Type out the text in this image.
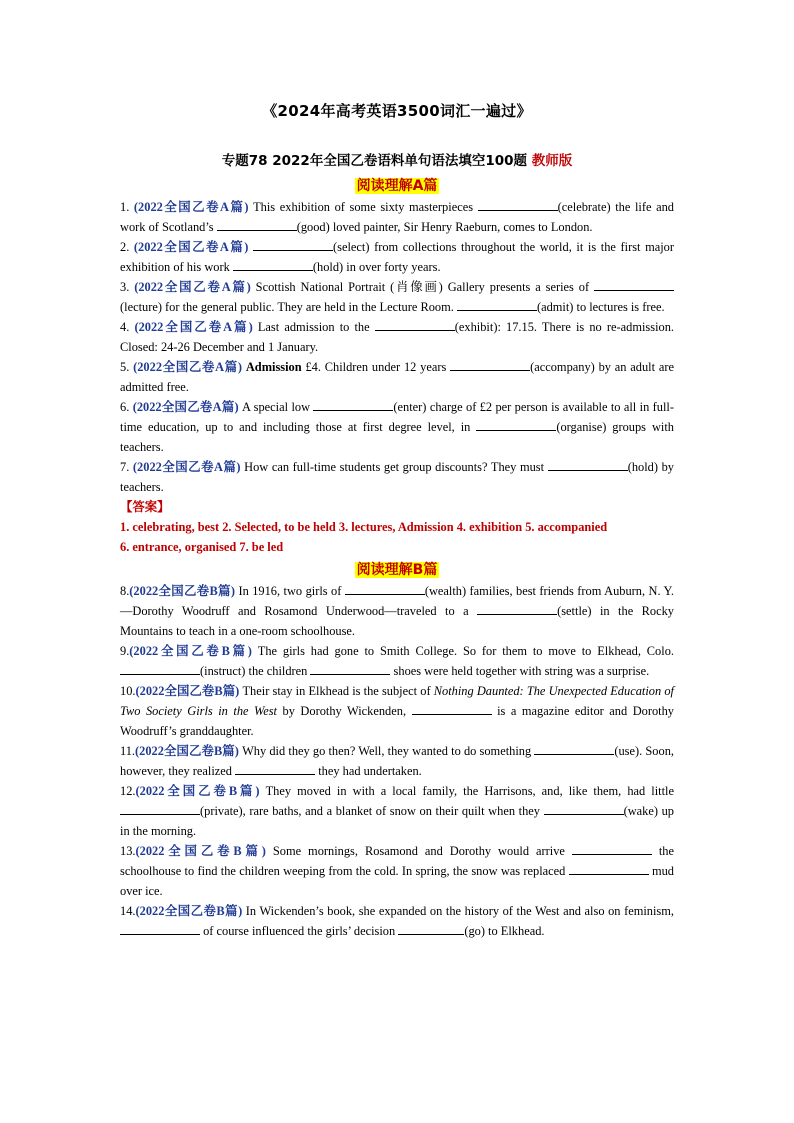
《2024年高考英语3500词汇一遍过》
专题78 2022年全国乙卷语料单句语法填空100题 教师版
阅读理解A篇

1. (2022全国乙卷A篇) This exhibition of some sixty masterpieces	(celebrate) the life and work of Scotland’s	(good) loved painter, Sir Henry Raeburn, comes to London.

2. (2022全国乙卷A篇)	(select) from collections throughout the world, it is the first major exhibition of his work	(hold) in over forty years.

3. (2022全国乙卷A篇) Scottish National Portrait (肖像画) Gallery presents a series of  (lecture) for the general public. They are held in the Lecture Room.	(admit) to lectures is free.

4. (2022全国乙卷A篇) Last admission to the	(exhibit): 17.15. There is no re-admission. Closed: 24-26 December and 1 January.

5. (2022全国乙卷A篇) Admission £4. Children under 12 years	(accompany) by an adult are admitted free.

6. (2022全国乙卷A篇) A special low	(enter) charge of £2 per person is available to all in full-time education, up to and including those at first degree level, in	(organise) groups with teachers.

7. (2022全国乙卷A篇) How can full-time students get group discounts? They must	(hold) by teachers.

【答案】

1. celebrating, best 2. Selected, to be held 3. lectures, Admission 4. exhibition 5. accompanied

6. entrance, organised 7. be led

阅读理解B篇

8.(2022全国乙卷B篇) In 1916, two girls of	(wealth) families, best friends from Auburn, N. Y.—Dorothy Woodruff and Rosamond Underwood—traveled to a	(settle) in the Rocky Mountains to teach in a one-room schoolhouse.

9.(2022全国乙卷B篇) The girls had gone to Smith College. So for them to move to Elkhead, Colo. (instruct) the children	shoes were held together with string was a surprise.

10.(2022全国乙卷B篇) Their stay in Elkhead is the subject of Nothing Daunted: The Unexpected Education of Two Society Girls in the West by Dorothy Wickenden,	is a magazine editor and Dorothy Woodruff’s granddaughter.

11.(2022全国乙卷B篇) Why did they go then? Well, they wanted to do something	(use). Soon, however, they realized	they had undertaken.

12.(2022全国乙卷B篇) They moved in with a local family, the Harrisons, and, like them, had little (private), rare baths, and a blanket of snow on their quilt when they	(wake) up in the morning.

13.(2022全国乙卷B篇) Some mornings, Rosamond and Dorothy would arrive	the schoolhouse to find the children weeping from the cold. In spring, the snow was replaced	mud over ice.

14.(2022全国乙卷B篇) In Wickenden’s book, she expanded on the history of the West and also on feminism,  of course influenced the girls’ decision	(go) to Elkhead.
